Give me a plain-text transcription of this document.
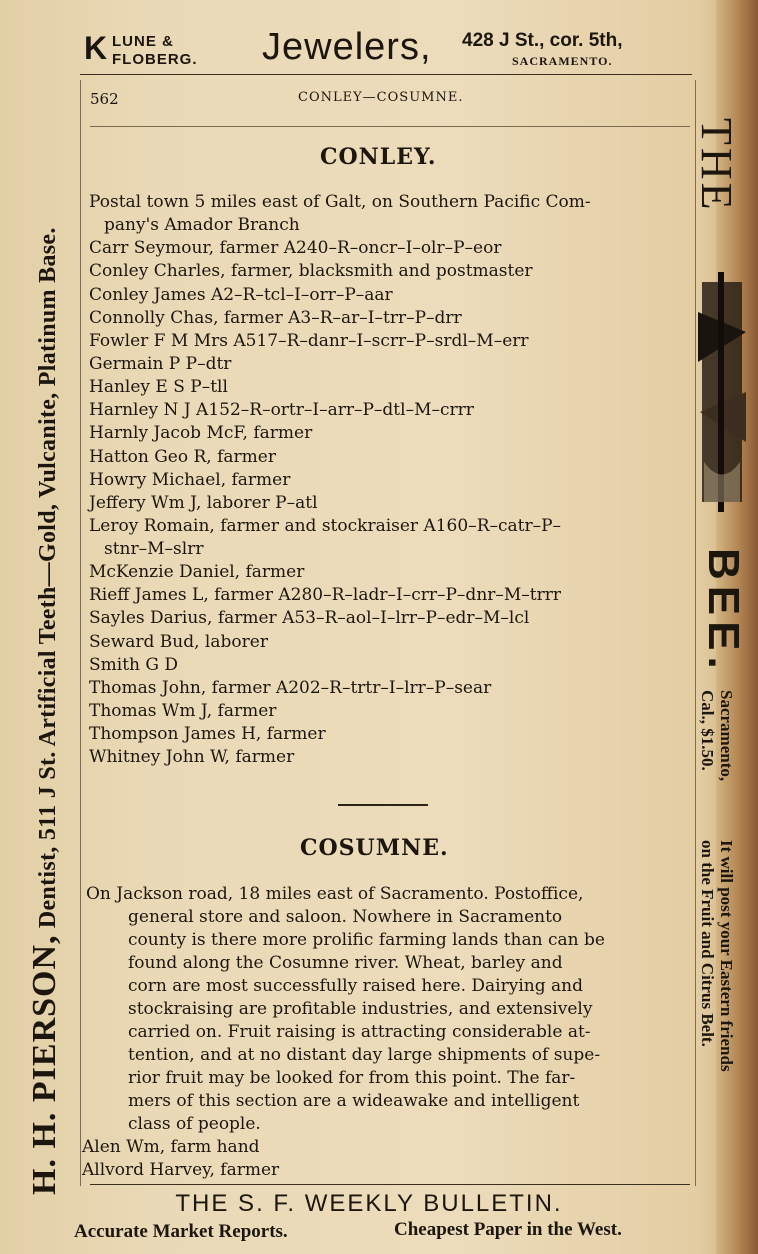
K LUNE &
FLOBERG. Jewelers, 428 J St., cor. 5th,
SACRAMENTO.
562	CONLEY—COSUMNE.
CONLEY.
Postal town 5 miles east of Galt, on Southern Pacific Com-
pany's Amador Branch
Carr Seymour, farmer A240–R–oncr–I–olr–P–eor
Conley Charles, farmer, blacksmith and postmaster
Conley James A2–R–tcl–I–orr–P–aar
Connolly Chas, farmer A3–R–ar–I–trr–P–drr
Fowler F M Mrs A517–R–danr–I–scrr–P–srdl–M–err
Germain P P–dtr
Hanley E S P–tll
Harnley N J A152–R–ortr–I–arr–P–dtl–M–crrr
Harnly Jacob McF, farmer
Hatton Geo R, farmer
Howry Michael, farmer
Jeffery Wm J, laborer P–atl
Leroy Romain, farmer and stockraiser A160–R–catr–P–
stnr–M–slrr
McKenzie Daniel, farmer
Rieff James L, farmer A280–R–ladr–I–crr–P–dnr–M–trrr
Sayles Darius, farmer A53–R–aol–I–lrr–P–edr–M–lcl
Seward Bud, laborer
Smith G D
Thomas John, farmer A202–R–trtr–I–lrr–P–sear
Thomas Wm J, farmer
Thompson James H, farmer
Whitney John W, farmer
COSUMNE.
On Jackson road, 18 miles east of Sacramento. Postoffice,
general store and saloon. Nowhere in Sacramento
county is there more prolific farming lands than can be
found along the Cosumne river. Wheat, barley and
corn are most successfully raised here. Dairying and
stockraising are profitable industries, and extensively
carried on. Fruit raising is attracting considerable at-
tention, and at no distant day large shipments of supe-
rior fruit may be looked for from this point. The far-
mers of this section are a wideawake and intelligent
class of people.
Alen Wm, farm hand
Allvord Harvey, farmer
H. H. PIERSON, Dentist, 511 J St. Artificial Teeth—Gold, Vulcanite, Platinum Base.
THE
BEE.
Sacramento,
Cal., $1.50.
It will post your Eastern friends
on the Fruit and Citrus Belt.
THE S. F. WEEKLY BULLETIN.
Accurate Market Reports.	Cheapest Paper in the West.
